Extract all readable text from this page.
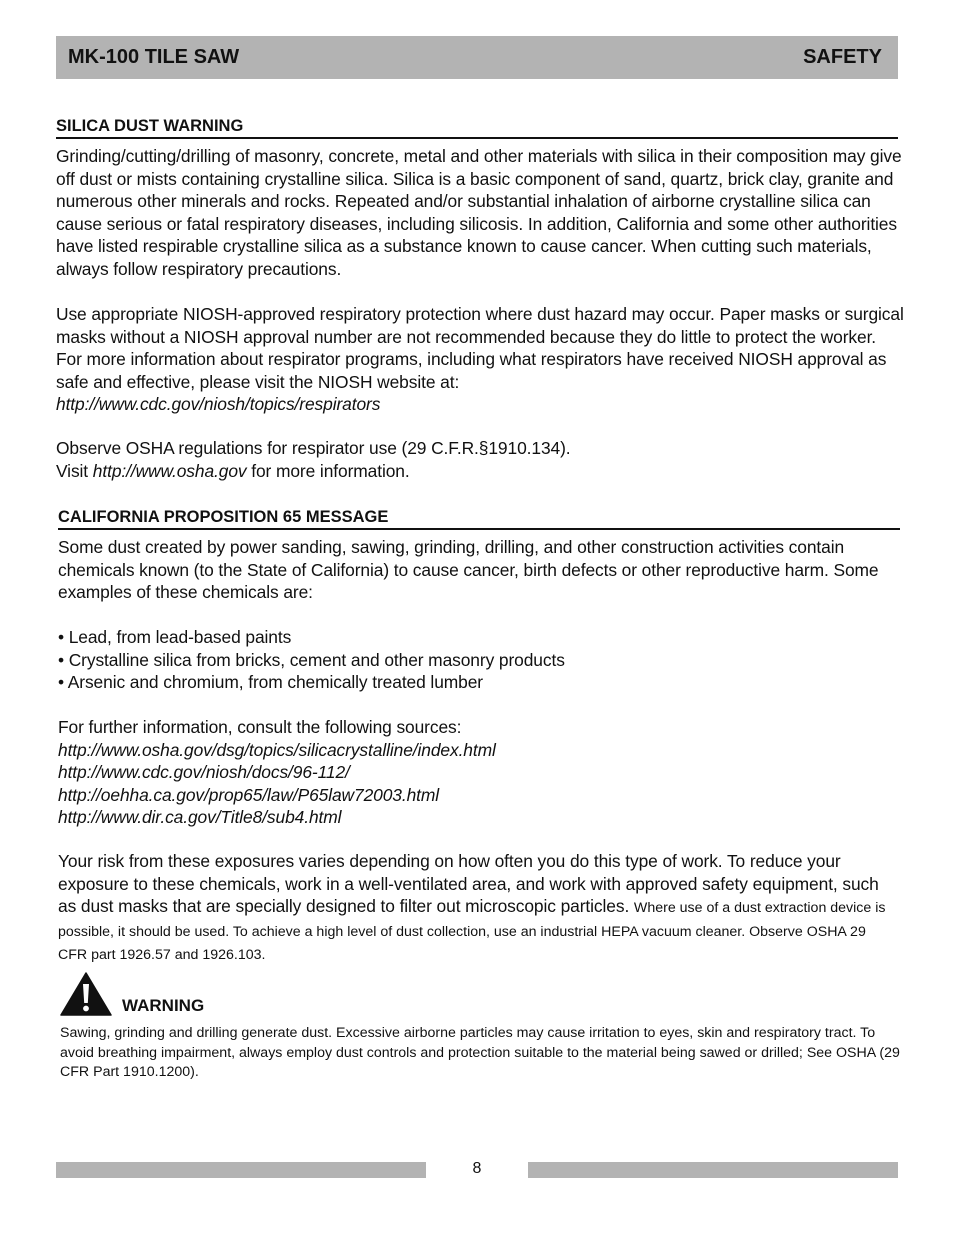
MK-100 TILE SAW	SAFETY
SILICA DUST WARNING

Grinding/cutting/drilling of masonry, concrete, metal and other materials with silica in their composition may give off dust or mists containing crystalline silica. Silica is a basic component of sand, quartz, brick clay, granite and numerous other minerals and rocks. Repeated and/or substantial inhalation of airborne crystalline silica can cause serious or fatal respiratory diseases, including silicosis. In addition, California and some other authorities have listed respirable crystalline silica as a substance known to cause cancer. When cutting such materials, always follow respiratory precautions.

Use appropriate NIOSH-approved respiratory protection where dust hazard may occur. Paper masks or surgical masks without a NIOSH approval number are not recommended because they do little to protect the worker. For more information about respirator programs, including what respirators have received NIOSH approval as safe and effective, please visit the NIOSH website at:
http://www.cdc.gov/niosh/topics/respirators

Observe OSHA regulations for respirator use (29 C.F.R.§1910.134).
Visit http://www.osha.gov for more information.

CALIFORNIA PROPOSITION 65 MESSAGE

Some dust created by power sanding, sawing, grinding, drilling, and other construction activities contain chemicals known (to the State of California) to cause cancer, birth defects or other reproductive harm. Some examples of these chemicals are:

• Lead, from lead-based paints
• Crystalline silica from bricks, cement and other masonry products
• Arsenic and chromium, from chemically treated lumber
For further information, consult the following sources:
http://www.osha.gov/dsg/topics/silicacrystalline/index.html
http://www.cdc.gov/niosh/docs/96-112/
http://oehha.ca.gov/prop65/law/P65law72003.html
http://www.dir.ca.gov/Title8/sub4.html

Your risk from these exposures varies depending on how often you do this type of work. To reduce your exposure to these chemicals, work in a well-ventilated area, and work with approved safety equipment, such as dust masks that are specially designed to filter out microscopic particles. Where use of a dust extraction device is possible, it should be used. To achieve a high level of dust collection, use an industrial HEPA vacuum cleaner. Observe OSHA 29 CFR part 1926.57 and 1926.103.

WARNING

Sawing, grinding and drilling generate dust. Excessive airborne particles may cause irritation to eyes, skin and respiratory tract. To avoid breathing impairment, always employ dust controls and protection suitable to the material being sawed or drilled; See OSHA (29 CFR Part 1910.1200).

8
